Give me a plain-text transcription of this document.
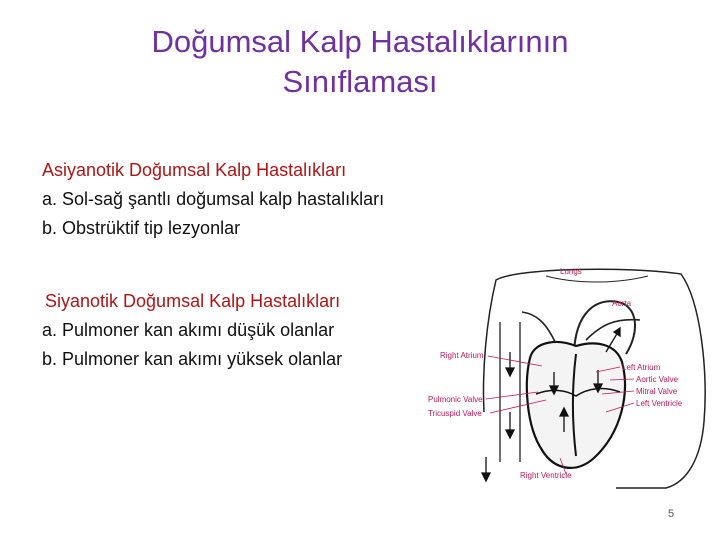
Doğumsal Kalp Hastalıklarının
Sınıflaması
Asiyanotik Doğumsal Kalp Hastalıkları
a. Sol-sağ şantlı doğumsal kalp hastalıkları
b. Obstrüktif tip lezyonlar
Siyanotik Doğumsal Kalp Hastalıkları
a. Pulmoner kan akımı düşük olanlar
b. Pulmoner kan akımı yüksek olanlar
Lungs
Aorta
Right Atrium
Left Atrium
Aortic Valve
Mitral Valve
Left Ventricle
Pulmonic Valve
Tricuspid Valve
Right Ventricle
5
